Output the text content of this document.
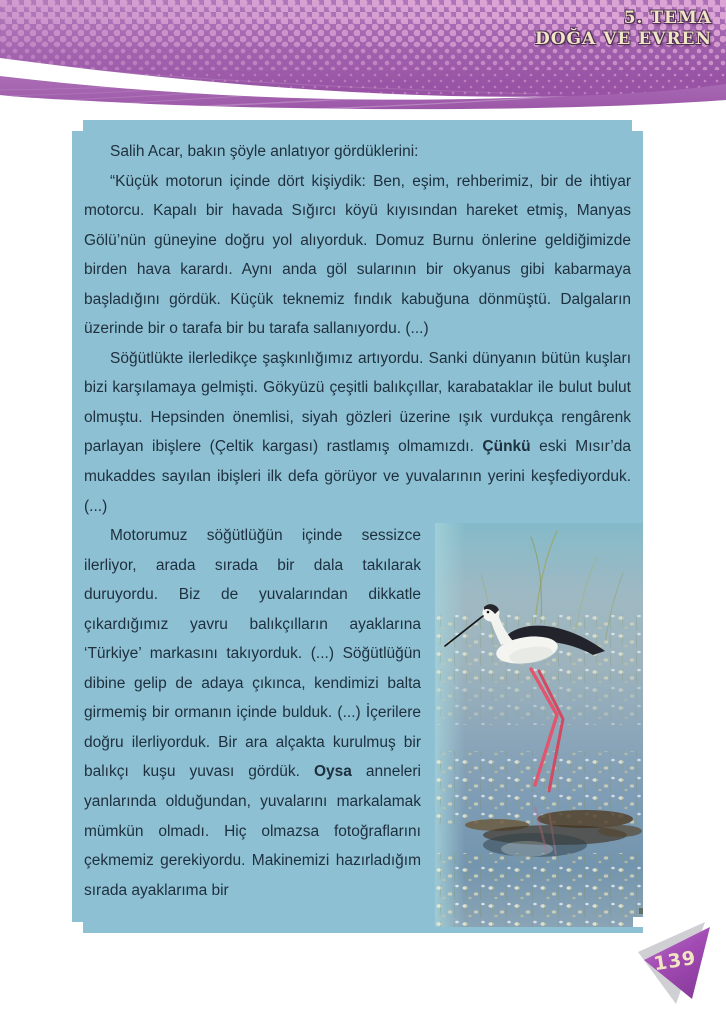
5. TEMA
DOĞA VE EVREN

Salih Acar, bakın şöyle anlatıyor gördüklerini:

“Küçük motorun içinde dört kişiydik: Ben, eşim, rehberimiz, bir de ihtiyar motorcu. Kapalı bir havada Sığırcı köyü kıyısından hareket etmiş, Manyas Gölü’nün güneyine doğru yol alıyorduk. Domuz Burnu önlerine geldiğimizde birden hava karardı. Aynı anda göl sularının bir okyanus gibi kabarmaya başladığını gördük. Küçük teknemiz fındık kabuğuna dönmüştü. Dalgaların üzerinde bir o tarafa bir bu tarafa sallanıyordu. (...)

Söğütlükte ilerledikçe şaşkınlığımız artıyordu. Sanki dünyanın bütün kuşları bizi karşılamaya gelmişti. Gökyüzü çeşitli balıkçıllar, karabataklar ile bulut bulut olmuştu. Hepsinden önemlisi, siyah gözleri üzerine ışık vurdukça rengârenk parlayan ibişlere (Çeltik kargası) rastlamış olmamızdı. Çünkü eski Mısır’da mukaddes sayılan ibişleri ilk defa görüyor ve yuvalarının yerini keşfediyorduk. (...)

Motorumuz söğütlüğün içinde sessizce ilerliyor, arada sırada bir dala takılarak duruyordu. Biz de yuvalarından dikkatle çıkardığımız yavru balıkçılların ayaklarına ‘Türkiye’ markasını takıyorduk. (...) Söğütlüğün dibine gelip de adaya çıkınca, kendimizi balta girmemiş bir ormanın içinde bulduk. (...) İçerilere doğru ilerliyorduk. Bir ara alçakta kurulmuş bir balıkçı kuşu yuvası gördük. Oysa anneleri yanlarında olduğundan, yuvalarını markalamak mümkün olmadı. Hiç olmazsa fotoğraflarını çekmemiz gerekiyordu. Makinemizi hazırladığım sırada ayaklarıma bir

139
